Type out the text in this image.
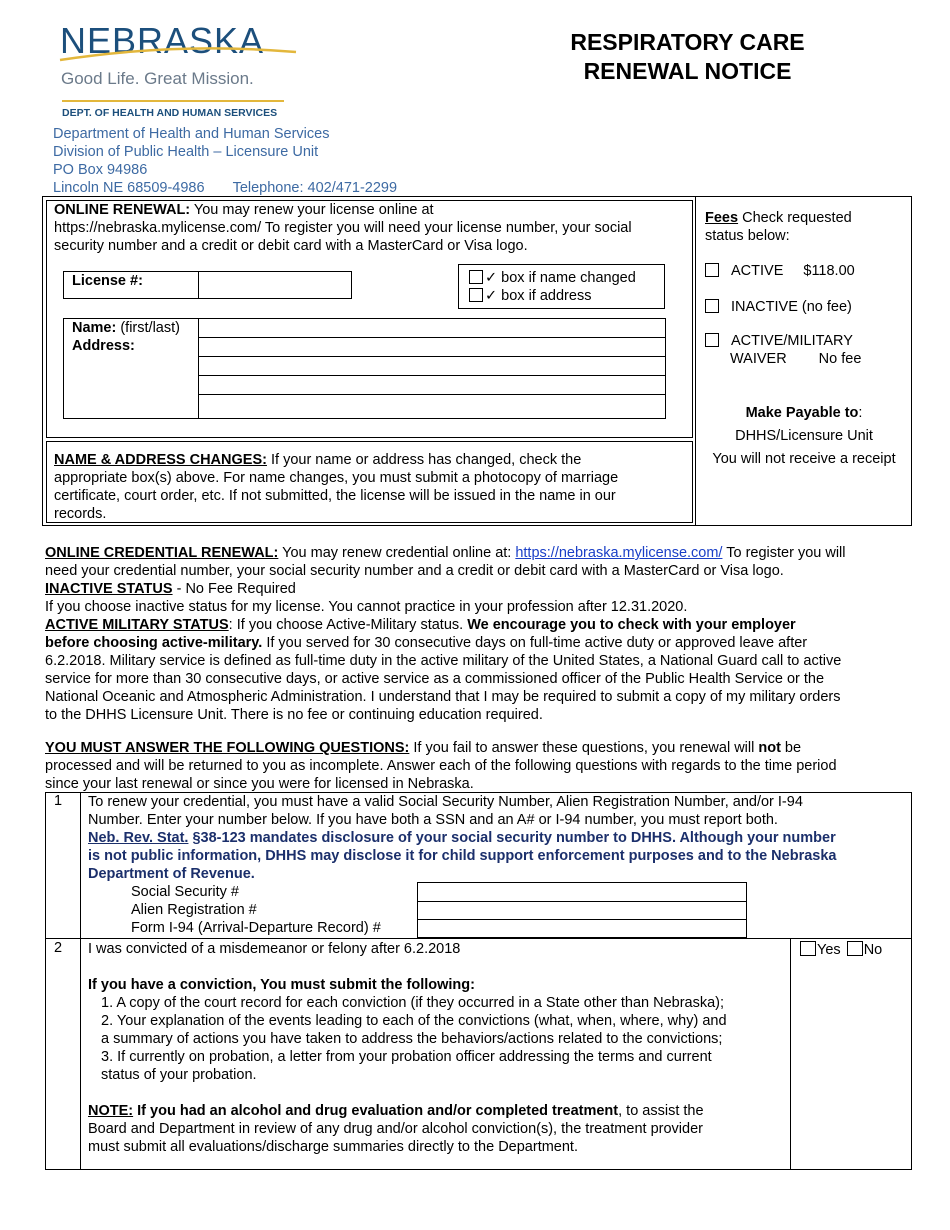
NEBRASKA
Good Life. Great Mission.
DEPT. OF HEALTH AND HUMAN SERVICES
RESPIRATORY CARE
RENEWAL NOTICE
Department of Health and Human Services
Division of Public Health – Licensure Unit
PO Box 94986
Lincoln NE 68509-4986 Telephone: 402/471-2299
ONLINE RENEWAL: You may renew your license online at
https://nebraska.mylicense.com/ To register you will need your license number, your social
security number and a credit or debit card with a MasterCard or Visa logo.
License #:	✓ box if name changed
✓ box if address
Name: (first/last)
Address:
NAME & ADDRESS CHANGES: If your name or address has changed, check the
appropriate box(s) above. For name changes, you must submit a photocopy of marriage
certificate, court order, etc. If not submitted, the license will be issued in the name in our
records.
Fees Check requested
status below:
ACTIVE $118.00
INACTIVE (no fee)
ACTIVE/MILITARY
WAIVER No fee
Make Payable to:
DHHS/Licensure Unit
You will not receive a receipt
ONLINE CREDENTIAL RENEWAL: You may renew credential online at: https://nebraska.mylicense.com/ To register you will
need your credential number, your social security number and a credit or debit card with a MasterCard or Visa logo.
INACTIVE STATUS - No Fee Required
If you choose inactive status for my license. You cannot practice in your profession after 12.31.2020.
ACTIVE MILITARY STATUS: If you choose Active-Military status. We encourage you to check with your employer
before choosing active-military. If you served for 30 consecutive days on full-time active duty or approved leave after
6.2.2018. Military service is defined as full-time duty in the active military of the United States, a National Guard call to active
service for more than 30 consecutive days, or active service as a commissioned officer of the Public Health Service or the
National Oceanic and Atmospheric Administration. I understand that I may be required to submit a copy of my military orders
to the DHHS Licensure Unit. There is no fee or continuing education required.
YOU MUST ANSWER THE FOLLOWING QUESTIONS: If you fail to answer these questions, you renewal will not be
processed and will be returned to you as incomplete. Answer each of the following questions with regards to the time period
since your last renewal or since you were for licensed in Nebraska.
1 To renew your credential, you must have a valid Social Security Number, Alien Registration Number, and/or I-94
Number. Enter your number below. If you have both a SSN and an A# or I-94 number, you must report both.
Neb. Rev. Stat. §38-123 mandates disclosure of your social security number to DHHS. Although your number
is not public information, DHHS may disclose it for child support enforcement purposes and to the Nebraska
Department of Revenue.
Social Security #
Alien Registration #
Form I-94 (Arrival-Departure Record) #
2 I was convicted of a misdemeanor or felony after 6.2.2018
If you have a conviction, You must submit the following:
1. A copy of the court record for each conviction (if they occurred in a State other than Nebraska);
2. Your explanation of the events leading to each of the convictions (what, when, where, why) and
a summary of actions you have taken to address the behaviors/actions related to the convictions;
3. If currently on probation, a letter from your probation officer addressing the terms and current
status of your probation.
NOTE: If you had an alcohol and drug evaluation and/or completed treatment, to assist the
Board and Department in review of any drug and/or alcohol conviction(s), the treatment provider
must submit all evaluations/discharge summaries directly to the Department.
Yes No
